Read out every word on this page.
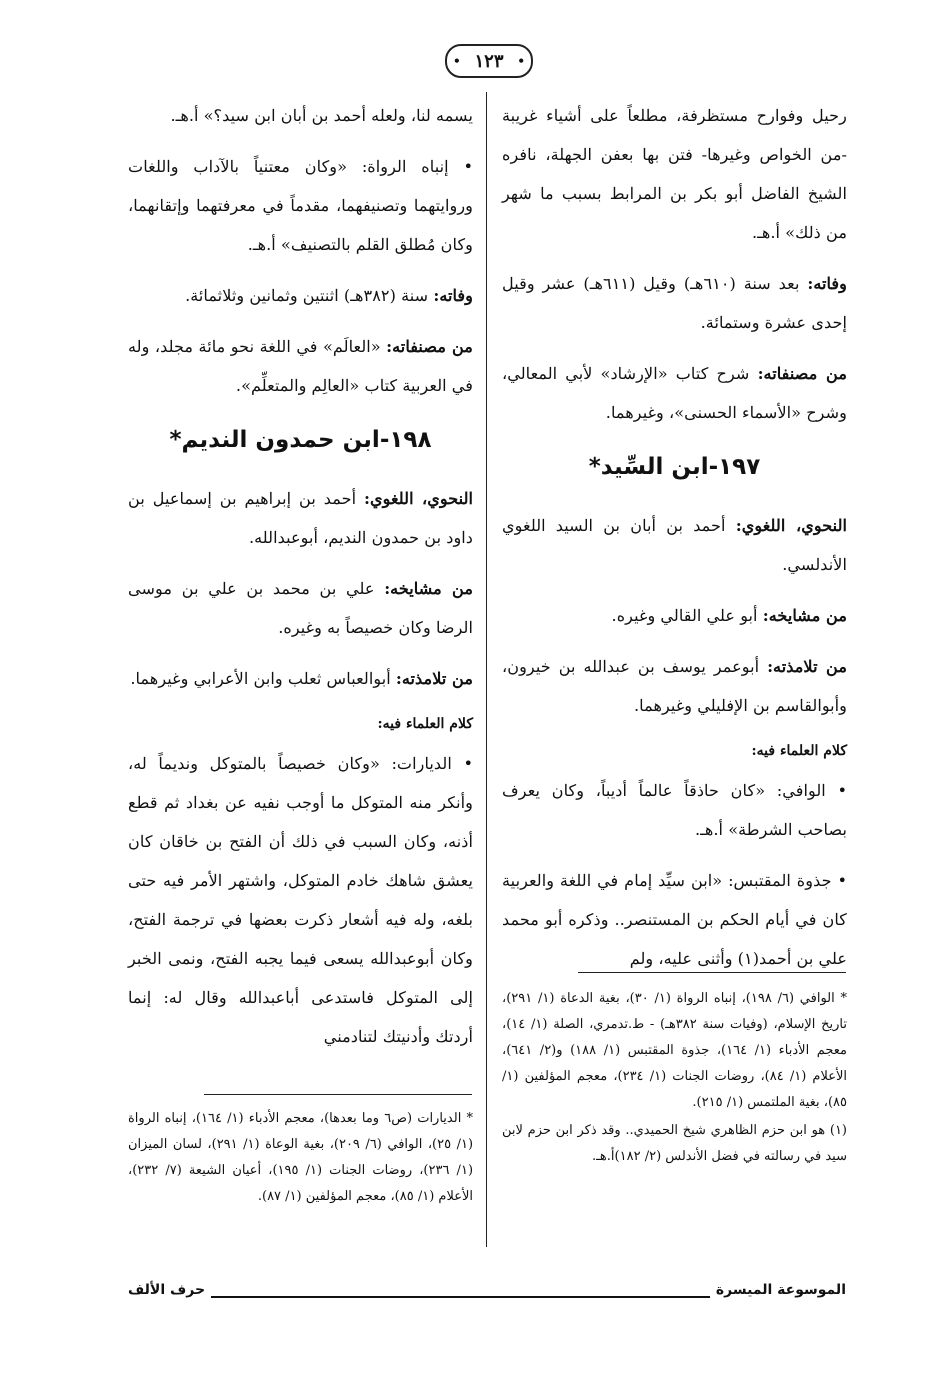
• ١٢٣
•

رحيل وفوارح مستظرفة، مطلعاً على أشياء غريبة -من الخواص وغيرها- فتن بها بعفن الجهلة، نافره الشيخ الفاضل أبو بكر بن المرابط بسبب ما شهر من ذلك» أ.هـ.

وفاته: بعد سنة (٦١٠هـ) وقيل (٦١١هـ) عشر وقيل إحدى عشرة وستمائة.

من مصنفاته: شرح كتاب «الإرشاد» لأبي المعالي، وشرح «الأسماء الحسنى»، وغيرهما.

١٩٧-ابن السِّيد*

النحوي، اللغوي: أحمد بن أبان بن السيد اللغوي الأندلسي.

من مشايخه: أبو علي القالي وغيره.

من تلامذته: أبوعمر يوسف بن عبدالله بن خيرون، وأبوالقاسم بن الإفليلي وغيرهما.

كلام العلماء فيه:

• الوافي: «كان حاذقاً عالماً أديباً، وكان يعرف بصاحب الشرطة» أ.هـ.

• جذوة المقتبس: «ابن سيِّد إمام في اللغة والعربية كان في أيام الحكم بن المستنصر.. وذكره أبو محمد علي بن أحمد(١) وأثنى عليه، ولم

يسمه لنا، ولعله أحمد بن أبان ابن سيد؟» أ.هـ.

• إنباه الرواة: «وكان معتنياً بالآداب واللغات وروايتهما وتصنيفهما، مقدماً في معرفتهما وإتقانهما، وكان مُطلق القلم بالتصنيف» أ.هـ.

وفاته: سنة (٣٨٢هـ) اثنتين وثمانين وثلاثمائة.

من مصنفاته: «العالَم» في اللغة نحو مائة مجلد، وله في العربية كتاب «العالِم والمتعلِّم».

١٩٨-ابن حمدون النديم*

النحوي، اللغوي: أحمد بن إبراهيم بن إسماعيل بن داود بن حمدون النديم، أبوعبدالله.

من مشايخه: علي بن محمد بن علي بن موسى الرضا وكان خصيصاً به وغيره.

من تلامذته: أبوالعباس ثعلب وابن الأعرابي وغيرهما.

كلام العلماء فيه:

• الديارات: «وكان خصيصاً بالمتوكل ونديماً له، وأنكر منه المتوكل ما أوجب نفيه عن بغداد ثم قطع أذنه، وكان السبب في ذلك أن الفتح بن خاقان كان يعشق شاهك خادم المتوكل، واشتهر الأمر فيه حتى بلغه، وله فيه أشعار ذكرت بعضها في ترجمة الفتح، وكان أبوعبدالله يسعى فيما يجبه الفتح، ونمى الخبر إلى المتوكل فاستدعى أباعبدالله وقال له: إنما أردتك وأدنيتك لتنادمني

* الوافي (٦/ ١٩٨)، إنباه الرواة (١/ ٣٠)، بغية الدعاة (١/ ٢٩١)، تاريخ الإسلام، (وفيات سنة ٣٨٢هـ) - ط.تدمري، الصلة (١/ ١٤)، معجم الأدباء (١/ ١٦٤)، جذوة المقتبس (١/ ١٨٨) و(٢/ ٦٤١)، الأعلام (١/ ٨٤)، روضات الجنات (١/ ٢٣٤)، معجم المؤلفين (١/ ٨٥)، بغية الملتمس (١/ ٢١٥).

(١) هو ابن حزم الظاهري شيخ الحميدي.. وقد ذكر ابن حزم لابن سيد في رسالته في فضل الأندلس (٢/ ١٨٢)أ.هـ.

* الديارات (ص٦ وما بعدها)، معجم الأدباء (١/ ١٦٤)، إنباه الرواة (١/ ٢٥)، الوافي (٦/ ٢٠٩)، بغية الوعاة (١/ ٢٩١)، لسان الميزان (١/ ٢٣٦)، روضات الجنات (١/ ١٩٥)، أعيان الشيعة (٧/ ٢٣٢)، الأعلام (١/ ٨٥)، معجم المؤلفين (١/ ٨٧).

الموسوعة الميسرة
حرف الألف
